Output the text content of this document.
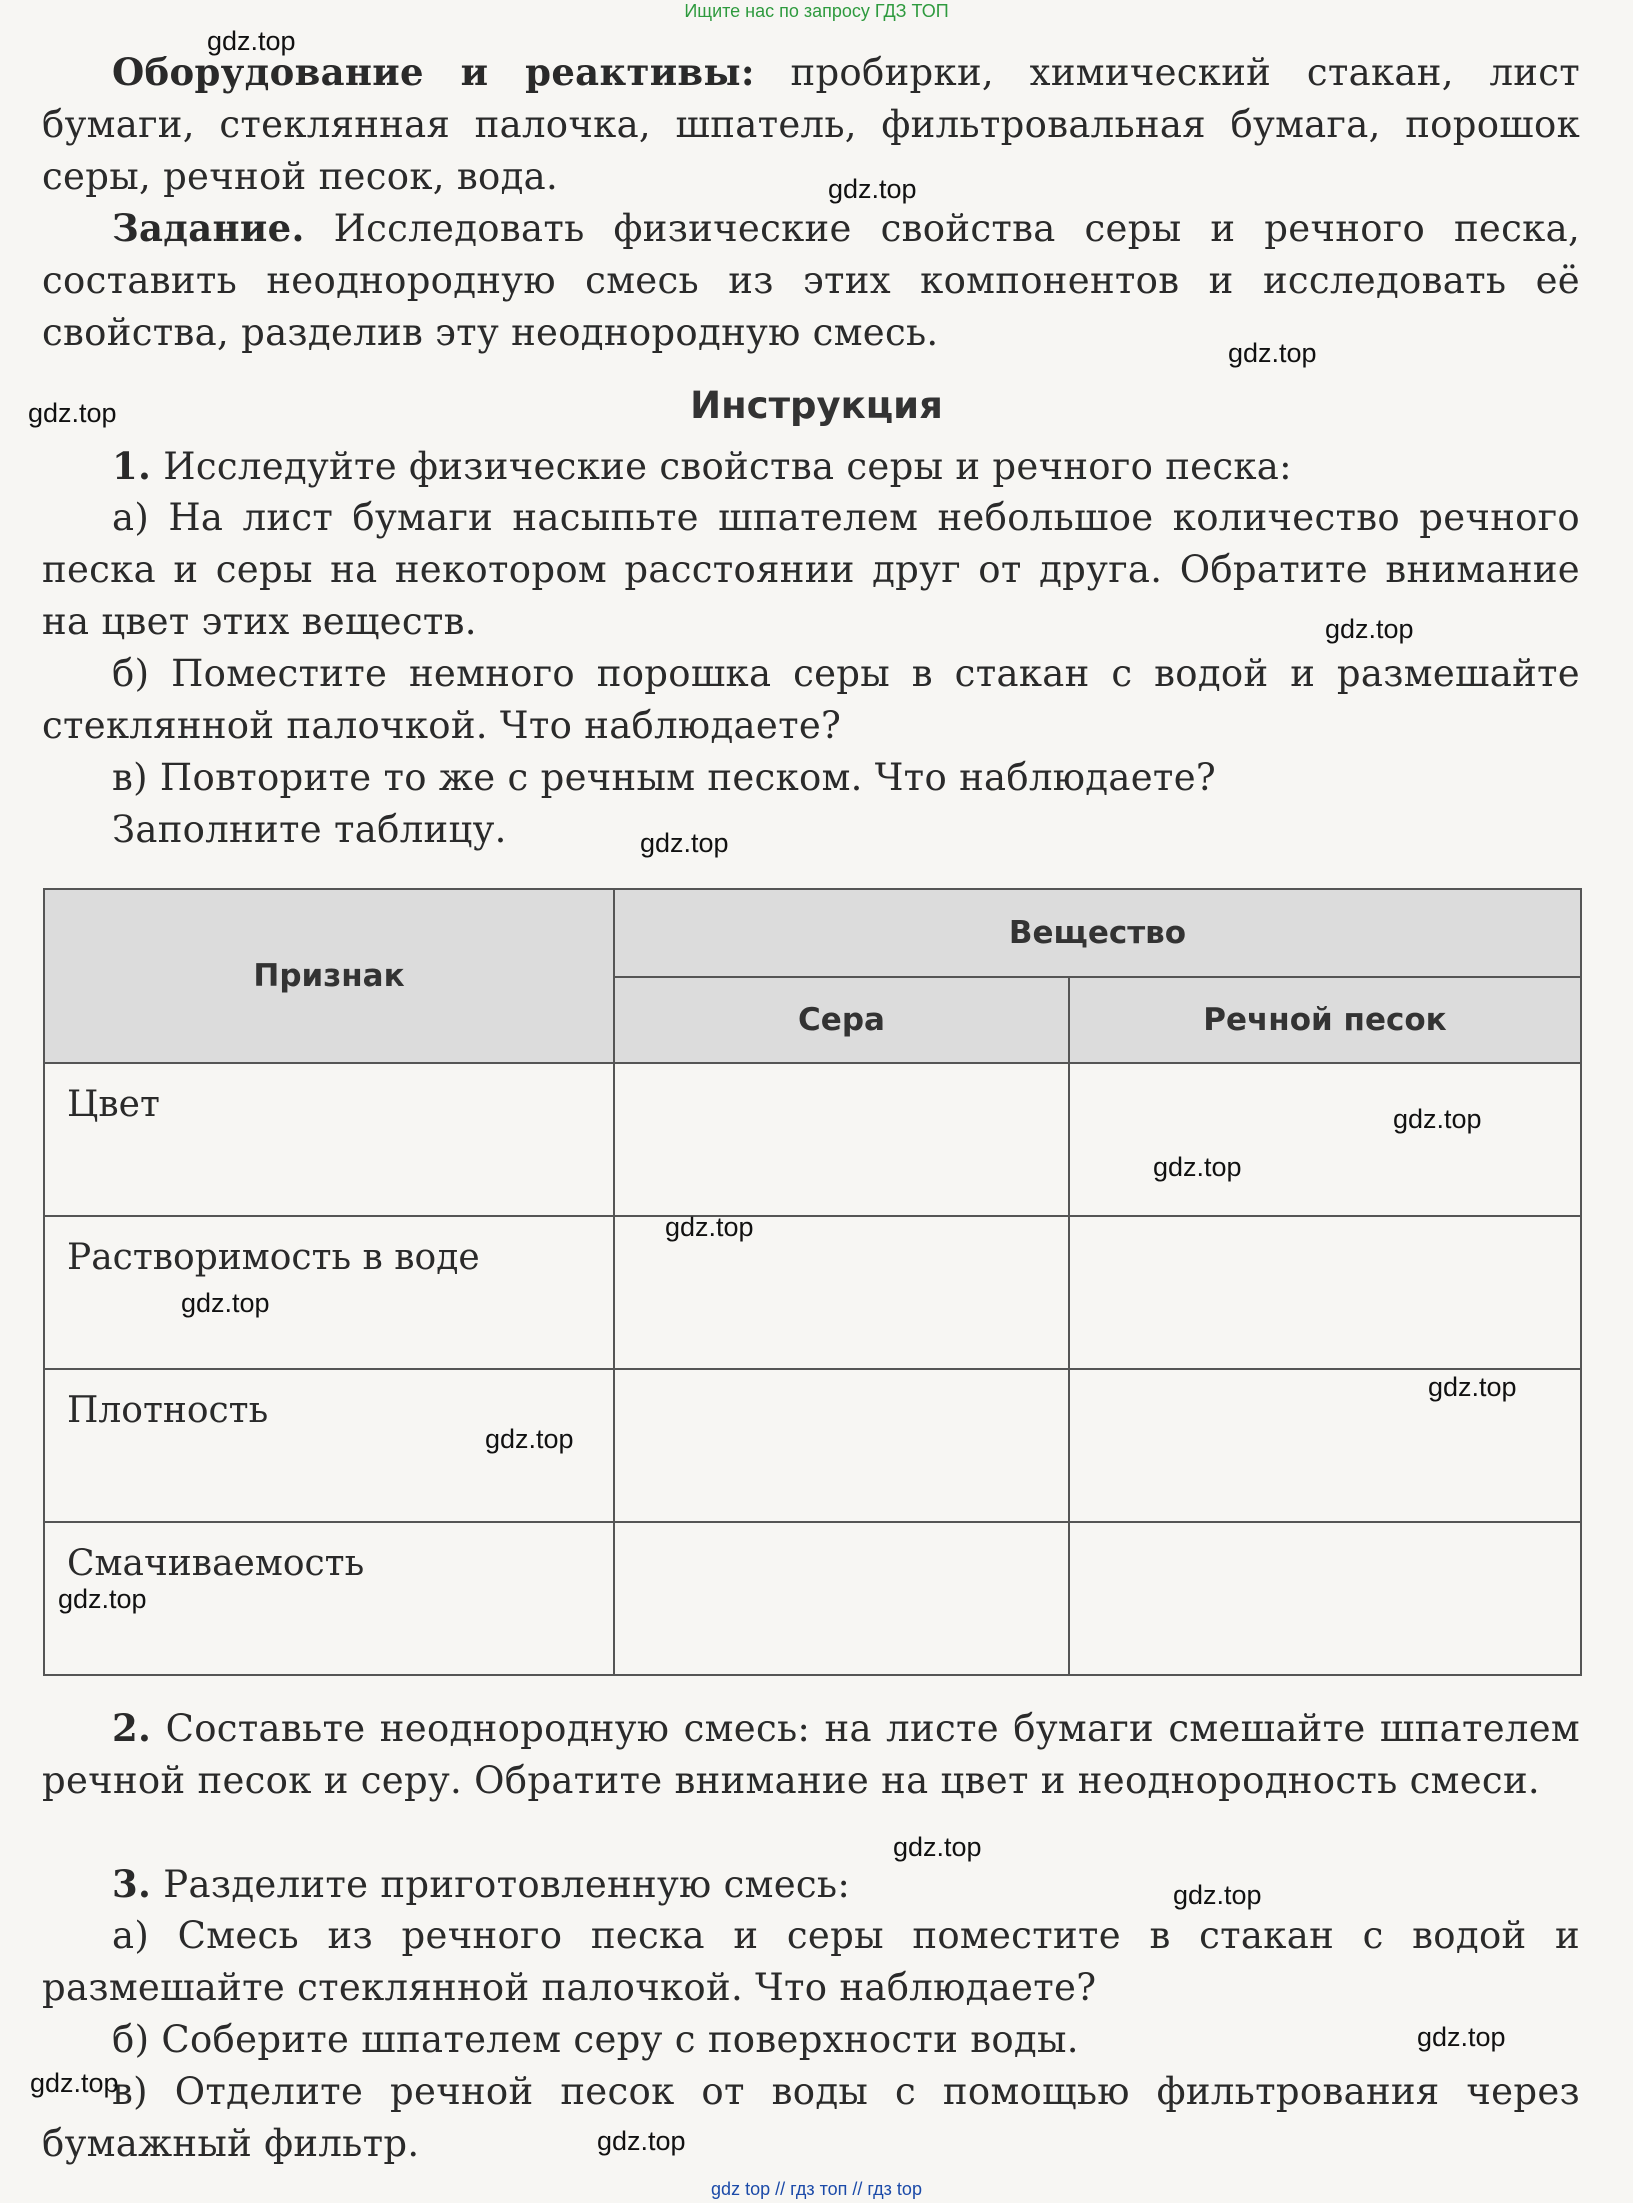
Ищите нас по запросу ГДЗ ТОП
Оборудование и реактивы: пробирки, химический стакан, лист бумаги, стеклянная палочка, шпатель, фильтровальная бумага, порошок серы, речной песок, вода.
Задание. Исследовать физические свойства серы и речного песка, составить неоднородную смесь из этих компонентов и исследовать её свойства, разделив эту неоднородную смесь.
Инструкция
1. Исследуйте физические свойства серы и речного песка:
а) На лист бумаги насыпьте шпателем небольшое количество речного песка и серы на некотором расстоянии друг от друга. Обратите внимание на цвет этих веществ.
б) Поместите немного порошка серы в стакан с водой и размешайте стеклянной палочкой. Что наблюдаете?
в) Повторите то же с речным песком. Что наблюдаете?
Заполните таблицу.
Признак	Вещество	
	Сера	Речной песок
Цвет		
Растворимость в воде		
Плотность		
Смачиваемость		
2. Составьте неоднородную смесь: на листе бумаги смешайте шпателем речной песок и серу. Обратите внимание на цвет и неоднородность смеси.
3. Разделите приготовленную смесь:
а) Смесь из речного песка и серы поместите в стакан с водой и размешайте стеклянной палочкой. Что наблюдаете?
б) Соберите шпателем серу с поверхности воды.
в) Отделите речной песок от воды с помощью фильтрования через бумажный фильтр.
gdz.top
gdz.top
gdz.top
gdz.top
gdz.top
gdz.top
gdz.top
gdz.top
gdz.top
gdz.top
gdz.top
gdz.top
gdz.top
gdz.top
gdz.top
gdz.top
gdz.top
gdz.top
gdz top // гдз топ // гдз top
